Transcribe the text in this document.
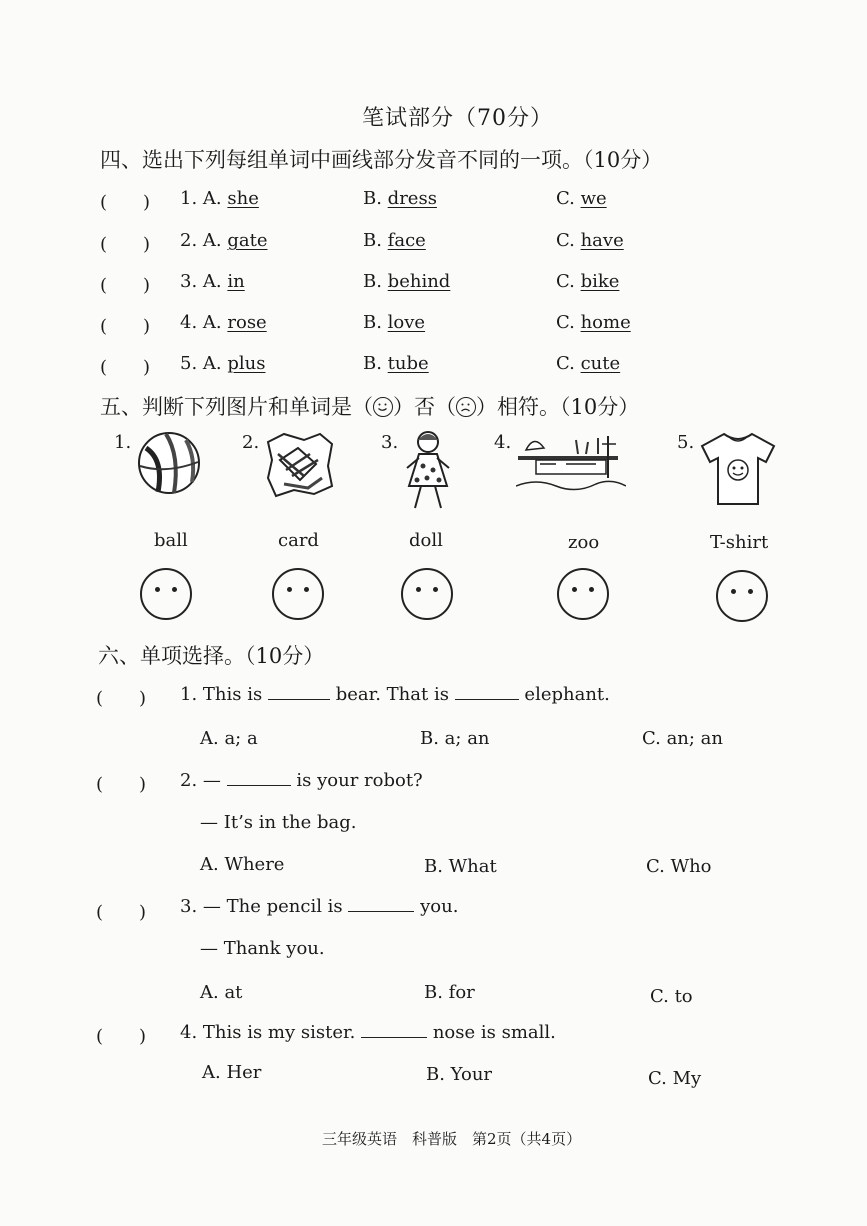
笔试部分（70分）
四、选出下列每组单词中画线部分发音不同的一项。（10分）
(　　) 1. A. she	B. dress	C. we
(　　) 2. A. gate	B. face	C. have
(　　) 3. A. in	B. behind	C. bike
(　　) 4. A. rose	B. love	C. home
(　　) 5. A. plus	B. tube	C. cute
五、判断下列图片和单词是（ ）否（ ）相符。（10分）
1.	2.	3.	4.	5.
ball	card	doll	zoo	T-shirt
六、单项选择。（10分）
(　　) 1. This is	bear. That is	elephant.
A. a; a	B. a; an	C. an; an
(　　) 2. —	is your robot?
— It’s in the bag.
A. Where	B. What	C. Who
(　　) 3. — The pencil is	you.
— Thank you.
A. at	B. for	C. to
(　　) 4. This is my sister.	nose is small.
A. Her	B. Your	C. My
三年级英语　科普版　第2页（共4页）
